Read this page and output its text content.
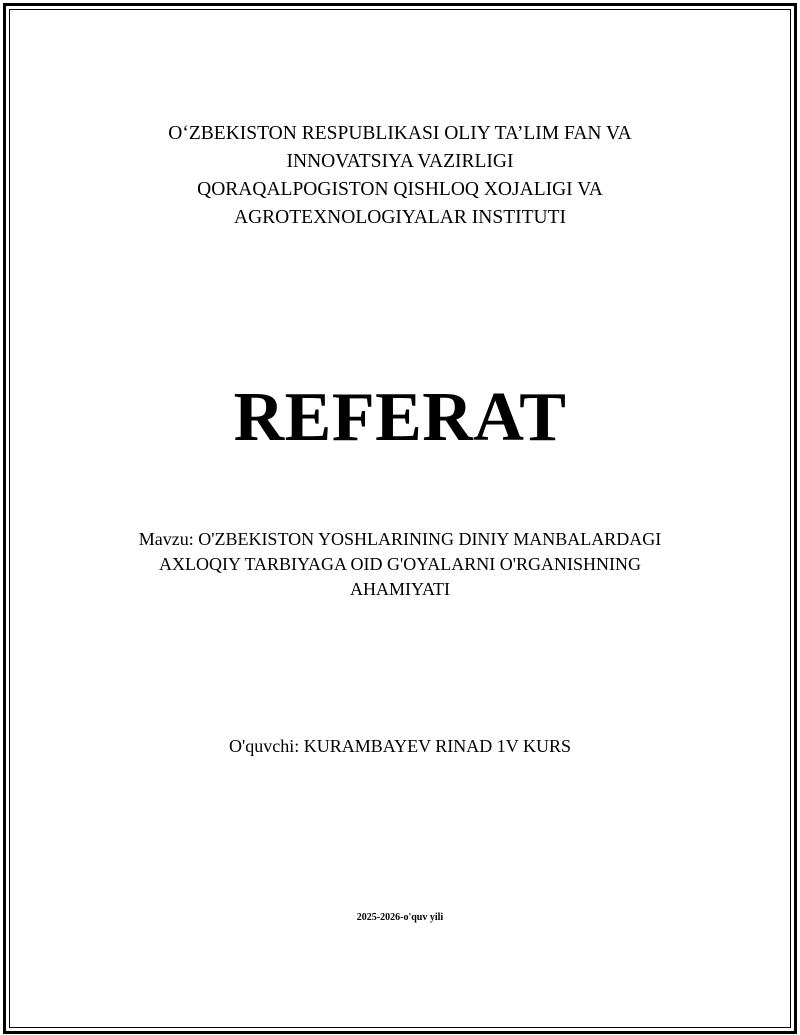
O‘ZBEKISTON RESPUBLIKASI OLIY TA’LIM FAN VA
INNOVATSIYA VAZIRLIGI
QORAQALPOGISTON QISHLOQ XOJALIGI VA
AGROTEXNOLOGIYALAR INSTITUTI
REFERAT
Mavzu: O'ZBEKISTON YOSHLARINING DINIY MANBALARDAGI
AXLOQIY TARBIYAGA OID G'OYALARNI O'RGANISHNING
AHAMIYATI
O'quvchi: KURAMBAYEV RINAD 1V KURS
2025-2026-o'quv yili
